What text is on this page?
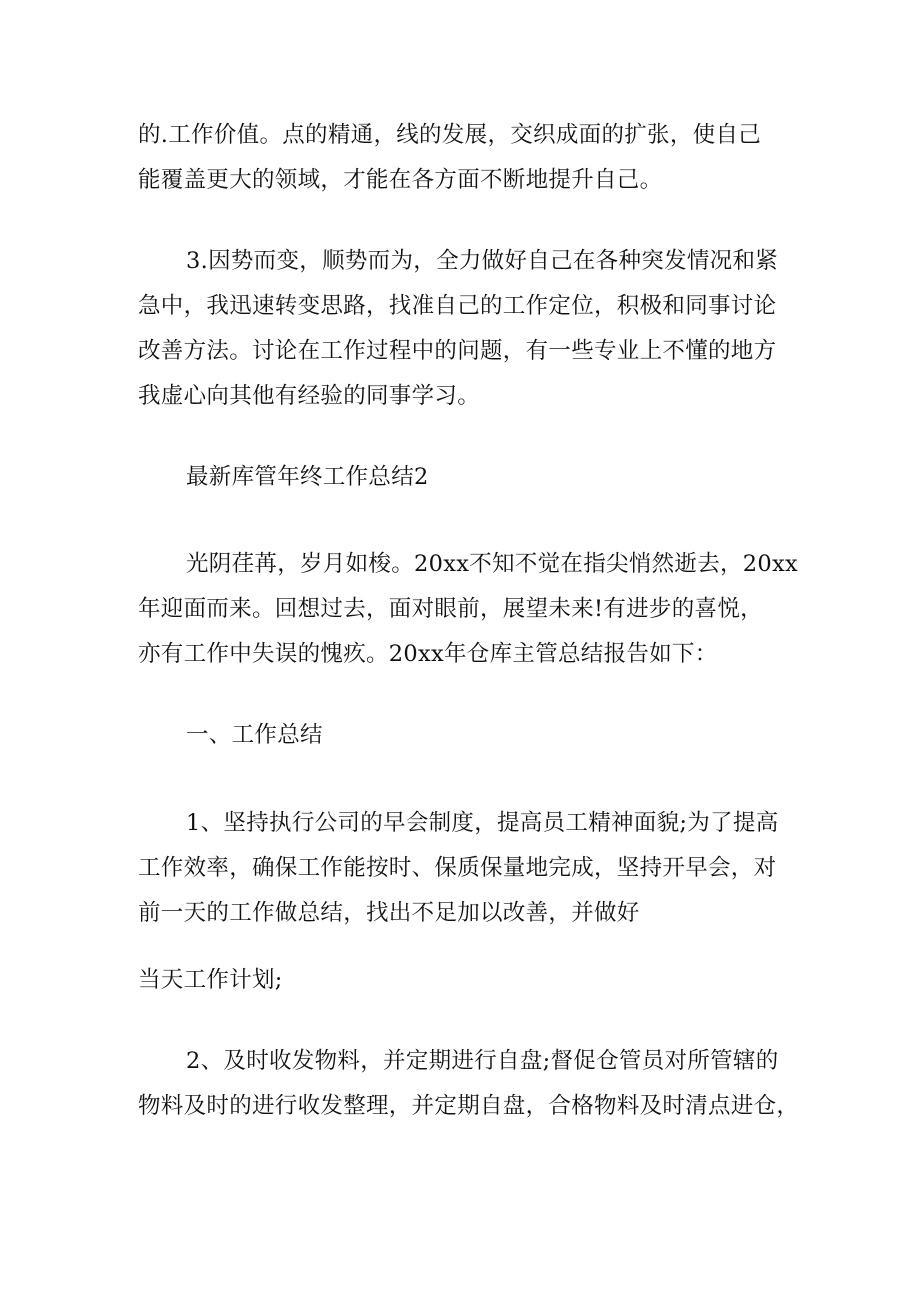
的.工作价值。点的精通，线的发展，交织成面的扩张，使自己
能覆盖更大的领域，才能在各方面不断地提升自己。
3.因势而变，顺势而为，全力做好自己在各种突发情况和紧
急中，我迅速转变思路，找准自己的工作定位，积极和同事讨论
改善方法。讨论在工作过程中的问题，有一些专业上不懂的地方
我虚心向其他有经验的同事学习。
最新库管年终工作总结2
光阴荏苒，岁月如梭。20xx不知不觉在指尖悄然逝去，20xx
年迎面而来。回想过去，面对眼前，展望未来!有进步的喜悦，
亦有工作中失误的愧疚。20xx年仓库主管总结报告如下：
一、工作总结
1、坚持执行公司的早会制度，提高员工精神面貌;为了提高
工作效率，确保工作能按时、保质保量地完成，坚持开早会，对
前一天的工作做总结，找出不足加以改善，并做好
当天工作计划;
2、及时收发物料，并定期进行自盘;督促仓管员对所管辖的
物料及时的进行收发整理，并定期自盘，合格物料及时清点进仓，
